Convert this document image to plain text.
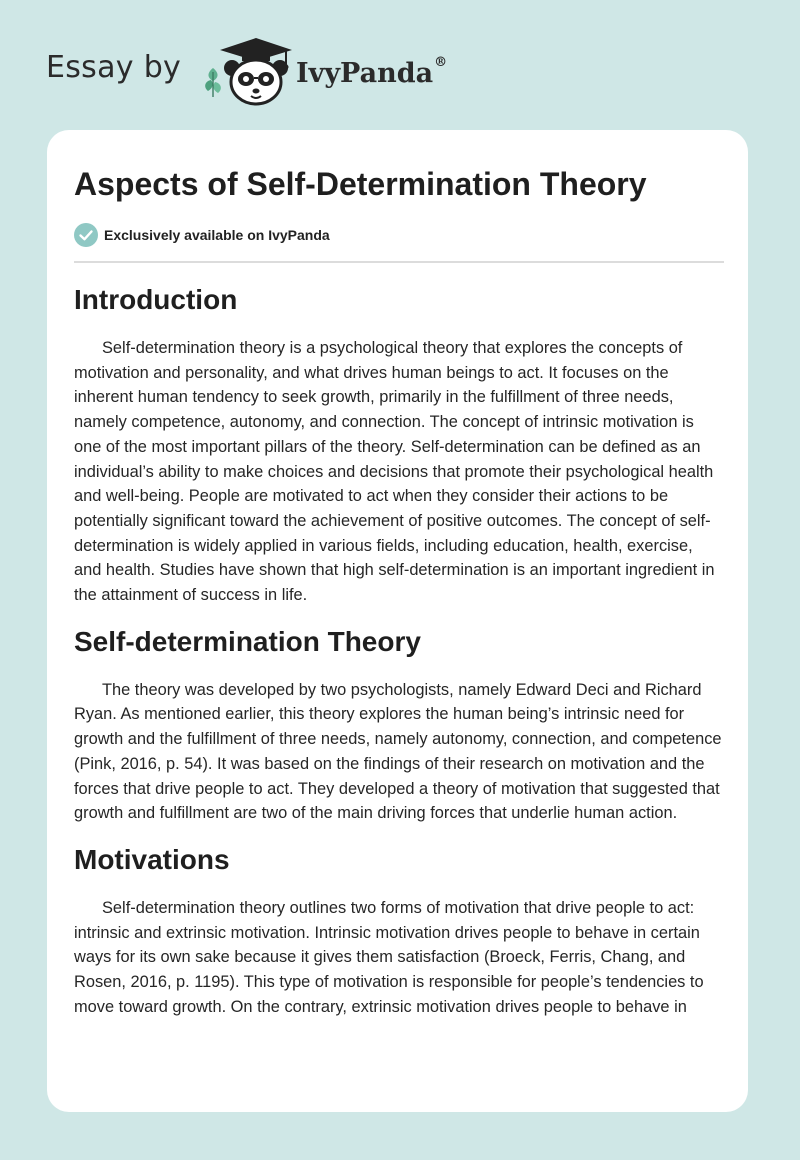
Essay by	IvyPanda®
Aspects of Self-Determination Theory
Exclusively available on IvyPanda
Introduction

Self-determination theory is a psychological theory that explores the concepts of motivation and personality, and what drives human beings to act. It focuses on the inherent human tendency to seek growth, primarily in the fulfillment of three needs, namely competence, autonomy, and connection. The concept of intrinsic motivation is one of the most important pillars of the theory. Self-determination can be defined as an individual’s ability to make choices and decisions that promote their psychological health and well-being. People are motivated to act when they consider their actions to be potentially significant toward the achievement of positive outcomes. The concept of self-determination is widely applied in various fields, including education, health, exercise, and health. Studies have shown that high self-determination is an important ingredient in the attainment of success in life.

Self-determination Theory

The theory was developed by two psychologists, namely Edward Deci and Richard Ryan. As mentioned earlier, this theory explores the human being’s intrinsic need for growth and the fulfillment of three needs, namely autonomy, connection, and competence (Pink, 2016, p. 54). It was based on the findings of their research on motivation and the forces that drive people to act. They developed a theory of motivation that suggested that growth and fulfillment are two of the main driving forces that underlie human action.

Motivations

Self-determination theory outlines two forms of motivation that drive people to act: intrinsic and extrinsic motivation. Intrinsic motivation drives people to behave in certain ways for its own sake because it gives them satisfaction (Broeck, Ferris, Chang, and Rosen, 2016, p. 1195). This type of motivation is responsible for people’s tendencies to move toward growth. On the contrary, extrinsic motivation drives people to behave in
